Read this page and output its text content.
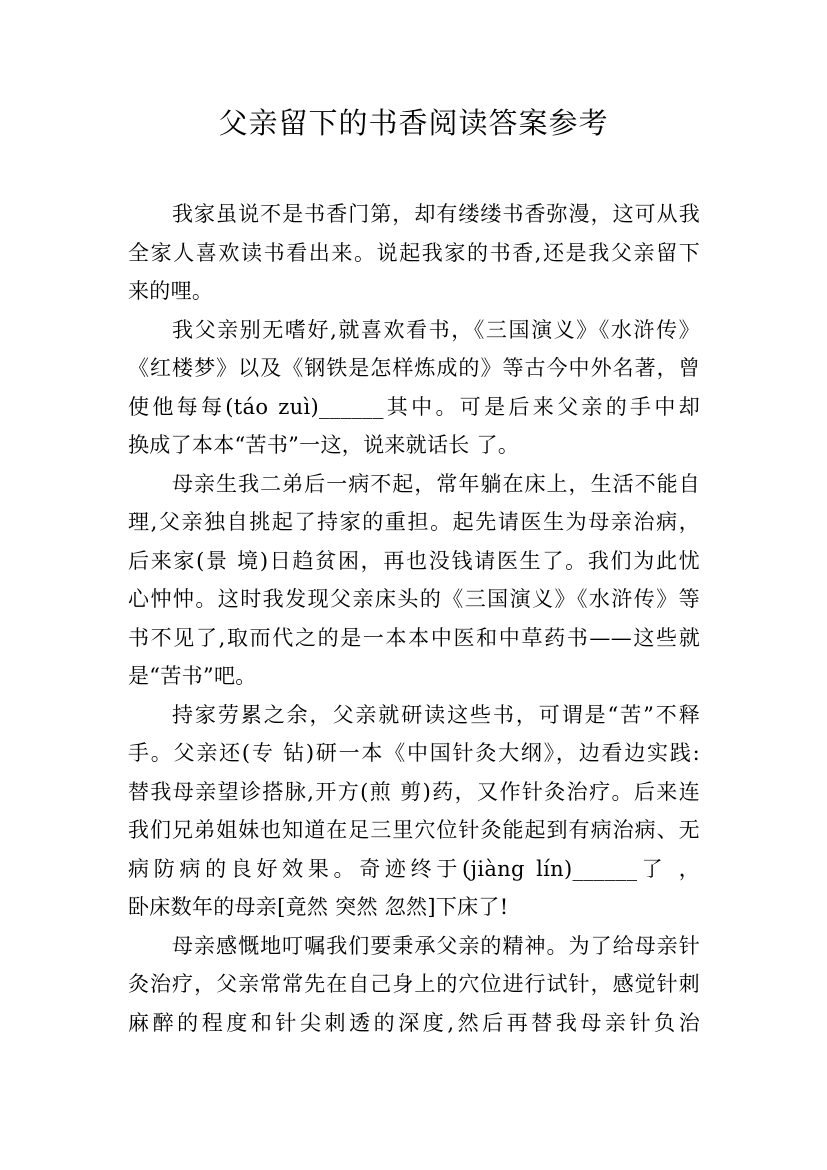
父亲留下的书香阅读答案参考
我家虽说不是书香门第，却有缕缕书香弥漫，这可从我
全家人喜欢读书看出来。说起我家的书香,还是我父亲留下
来的哩。
我父亲别无嗜好,就喜欢看书，《三国演义》《水浒传》
《红楼梦》以及《钢铁是怎样炼成的》等古今中外名著，曾
使他每每(táo zuì)______其中。可是后来父亲的手中却
换成了本本“苦书”一这，说来就话长 了。
母亲生我二弟后一病不起，常年躺在床上，生活不能自
理,父亲独自挑起了持家的重担。起先请医生为母亲治病，
后来家(景 境)日趋贫困，再也没钱请医生了。我们为此忧
心忡忡。这时我发现父亲床头的《三国演义》《水浒传》等
书不见了,取而代之的是一本本中医和中草药书——这些就
是“苦书”吧。
持家劳累之余，父亲就研读这些书，可谓是“苦”不释
手。父亲还(专 钻)研一本《中国针灸大纲》，边看边实践:
替我母亲望诊搭脉,开方(煎 剪)药，又作针灸治疗。后来连
我们兄弟姐妹也知道在足三里穴位针灸能起到有病治病、无
病防病的良好效果。奇迹终于(jiàng lín)______了 ，
卧床数年的母亲[竟然 突然 忽然]下床了!
母亲感慨地叮嘱我们要秉承父亲的精神。为了给母亲针
灸治疗，父亲常常先在自己身上的穴位进行试针，感觉针刺
麻醉的程度和针尖刺透的深度,然后再替我母亲针负治
